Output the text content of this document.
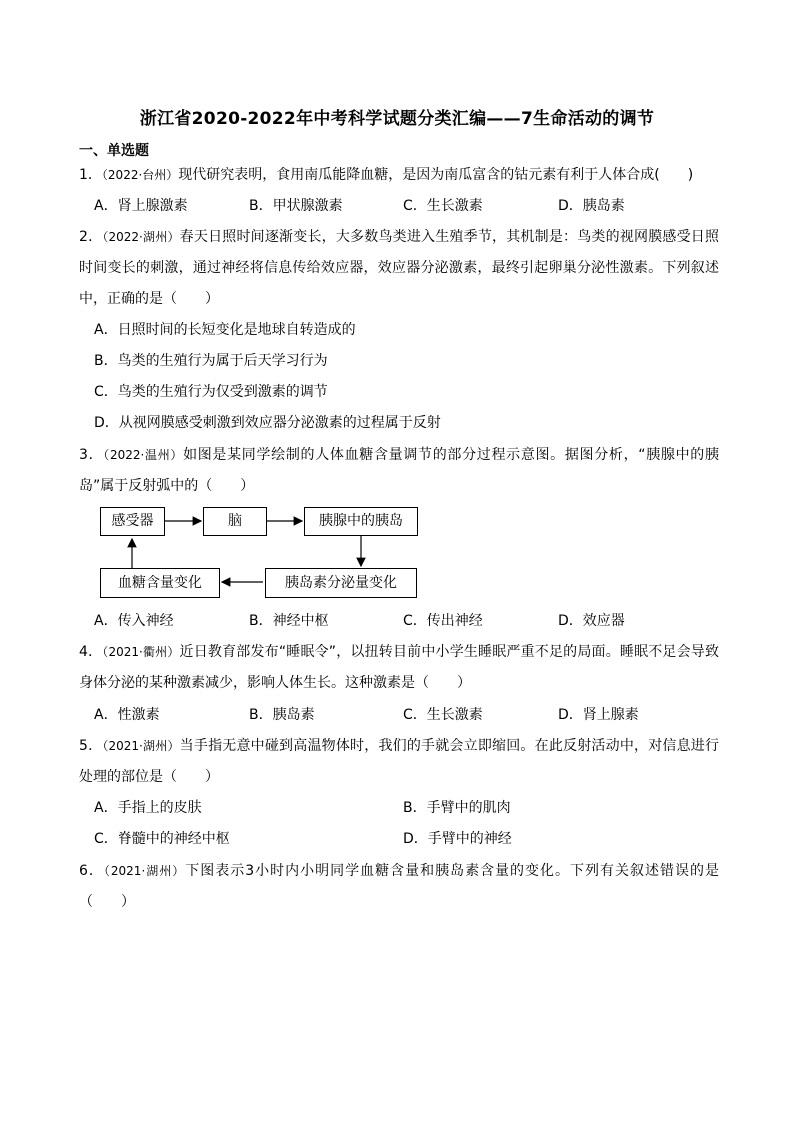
浙江省2020-2022年中考科学试题分类汇编——7生命活动的调节
一、单选题
1．（2022·台州）现代研究表明，食用南瓜能降血糖，是因为南瓜富含的钴元素有利于人体合成(　　)
A．肾上腺激素	B．甲状腺激素	C．生长激素	D．胰岛素
2．（2022·湖州）春天日照时间逐渐变长，大多数鸟类进入生殖季节，其机制是：鸟类的视网膜感受日照时间变长的刺激，通过神经将信息传给效应器，效应器分泌激素，最终引起卵巢分泌性激素。下列叙述中，正确的是（　　）
A．日照时间的长短变化是地球自转造成的
B．鸟类的生殖行为属于后天学习行为
C．鸟类的生殖行为仅受到激素的调节
D．从视网膜感受刺激到效应器分泌激素的过程属于反射
3．（2022·温州）如图是某同学绘制的人体血糖含量调节的部分过程示意图。据图分析，“胰腺中的胰岛”属于反射弧中的（　　）
感受器	脑	胰腺中的胰岛
胰岛素分泌量变化
血糖含量变化
A．传入神经	B．神经中枢	C．传出神经	D．效应器
4．（2021·衢州）近日教育部发布“睡眠令”，以扭转目前中小学生睡眠严重不足的局面。睡眠不足会导致身体分泌的某种激素减少，影响人体生长。这种激素是（　　）
A．性激素	B．胰岛素	C．生长激素	D．肾上腺素
5．（2021·湖州）当手指无意中碰到高温物体时，我们的手就会立即缩回。在此反射活动中，对信息进行处理的部位是（　　）
A．手指上的皮肤	B．手臂中的肌肉
C．脊髓中的神经中枢	D．手臂中的神经
6．（2021·湖州）下图表示3小时内小明同学血糖含量和胰岛素含量的变化。下列有关叙述错误的是（　　）
